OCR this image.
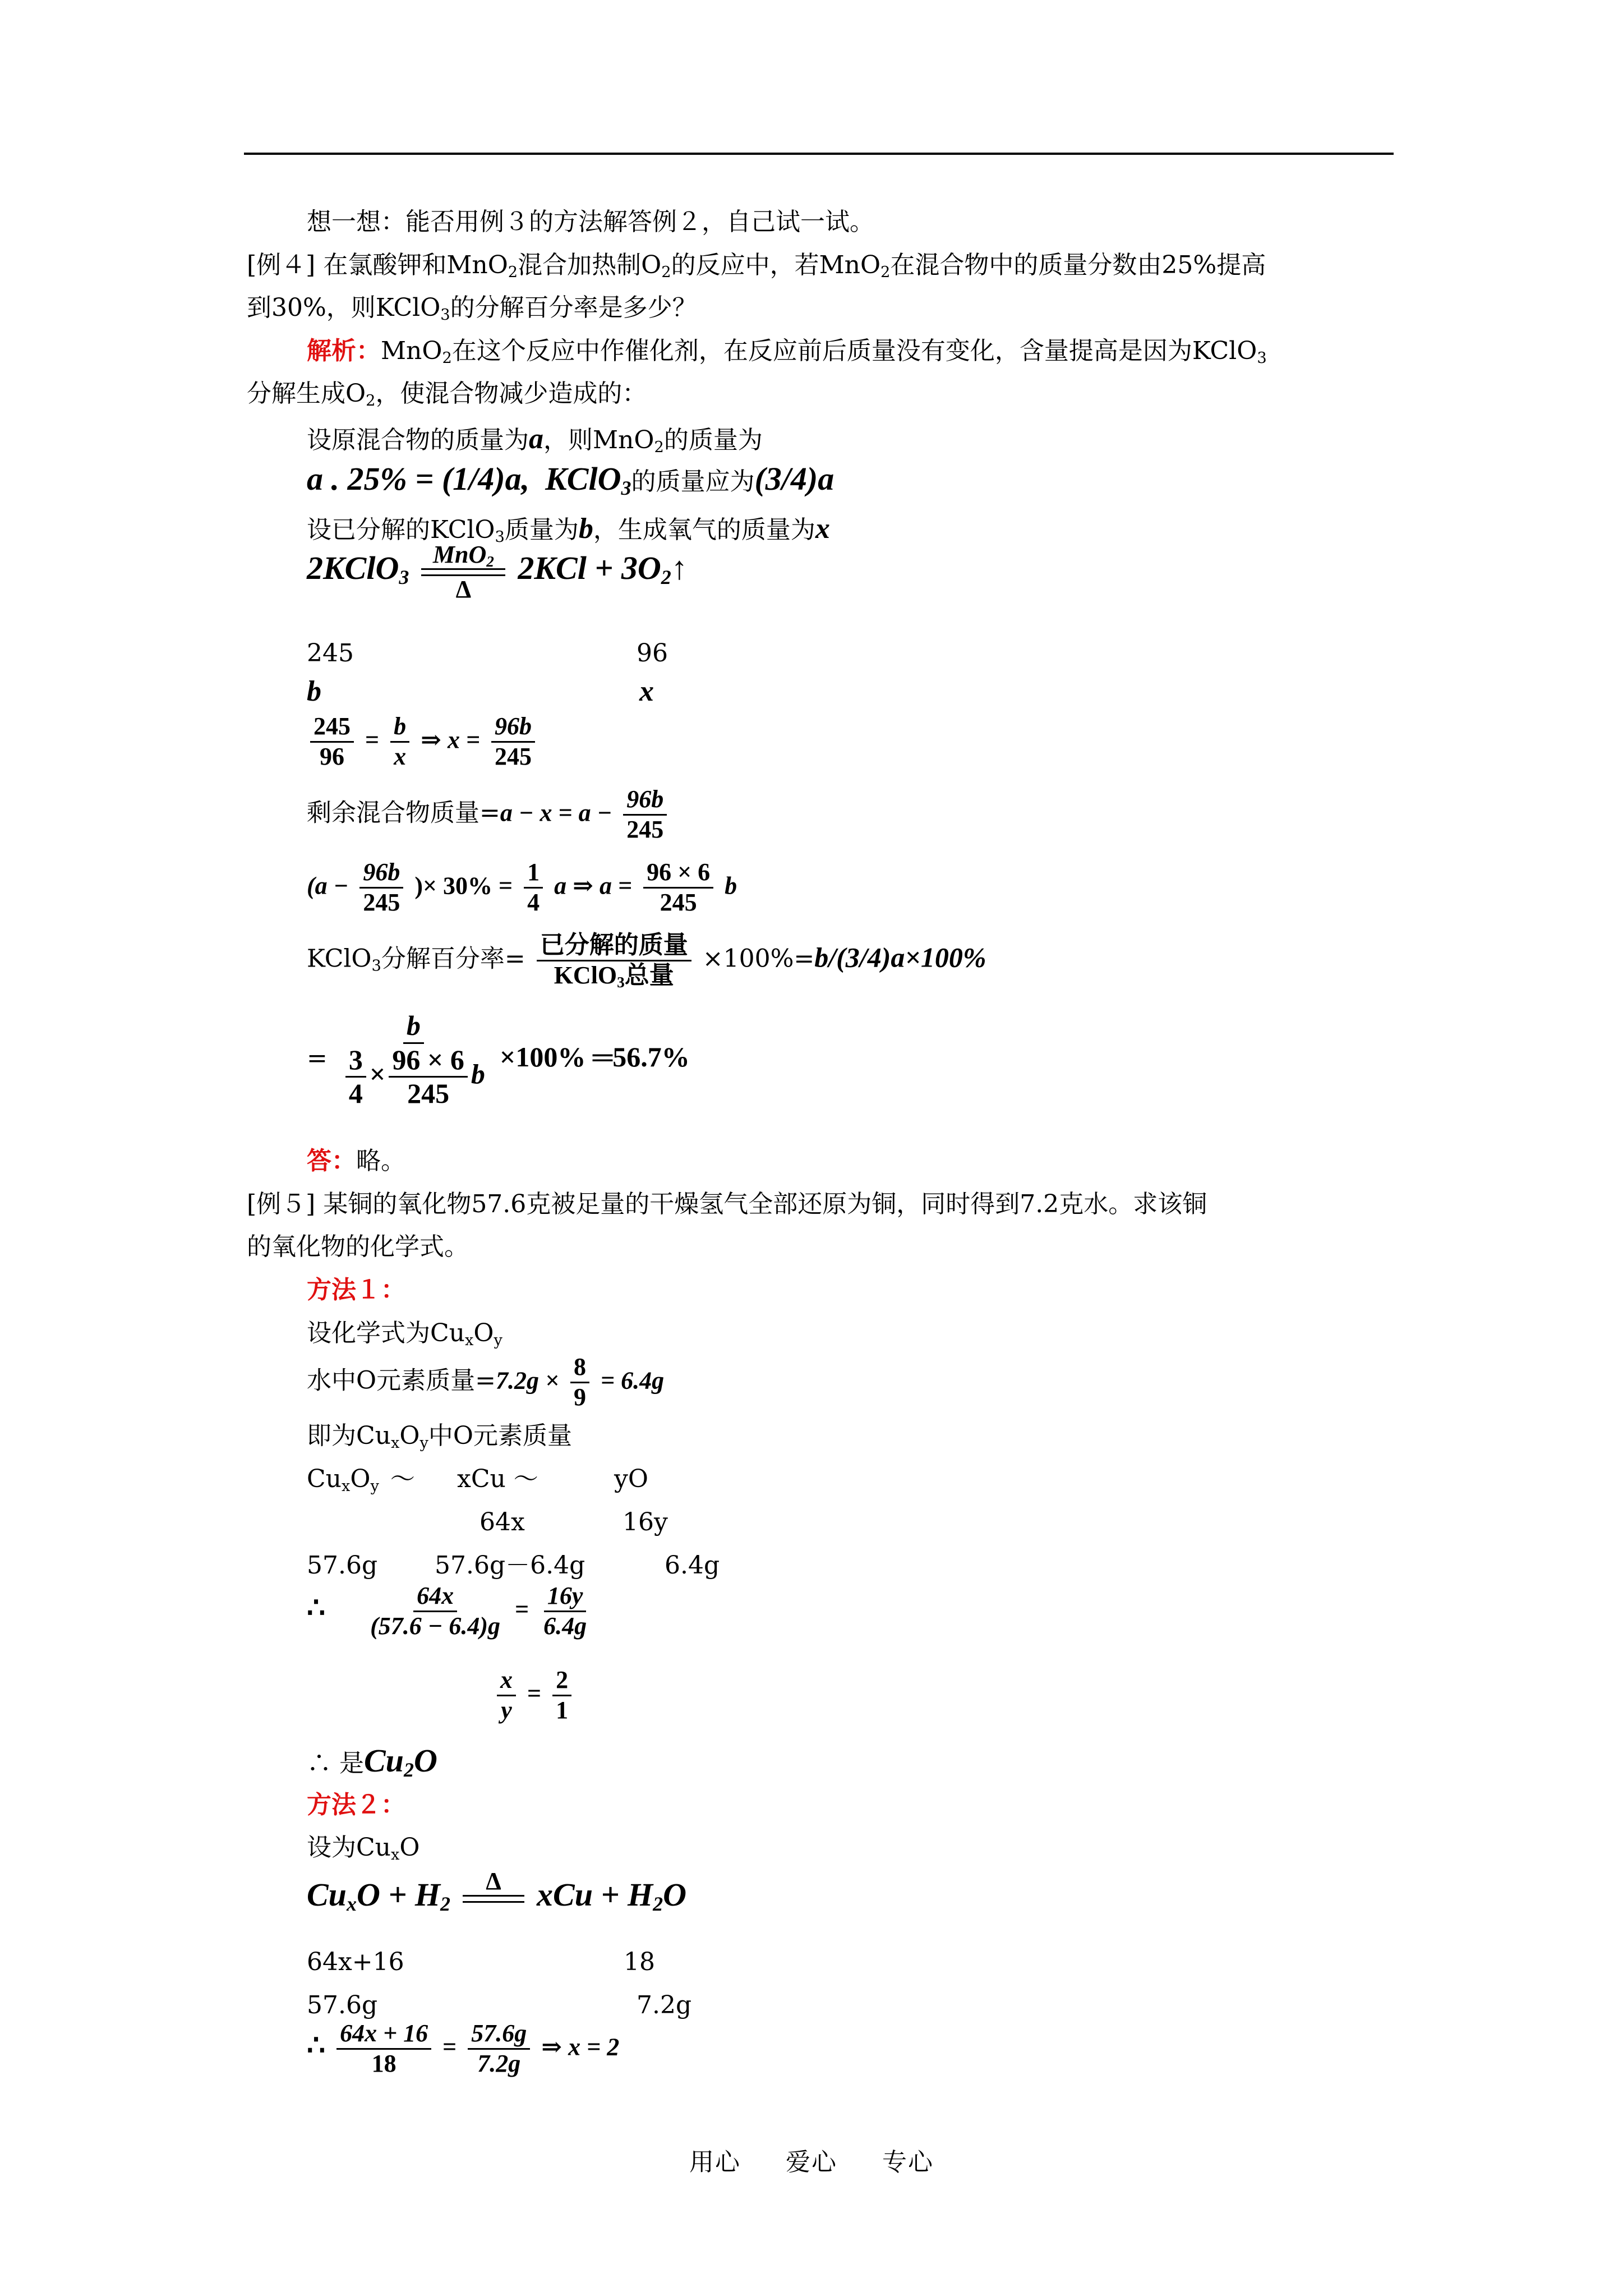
想一想：能否用例３的方法解答例２，自己试一试。
[例４] 在氯酸钾和MnO$_2$混合加热制$O_2$的反应中，若MnO$_2$在混合物中的质量分数由25%提高
到30%，则KClO$_3$的分解百分率是多少？
解析：MnO$_2$在这个反应中作催化剂，在反应前后质量没有变化，含量提高是因为KClO$_3$
分解生成$O_2$，使混合物减少造成的：
设原混合物的质量为a，则MnO$_2$的质量为
a . 25% = (1/4)a, KClO$_3$的质量应为(3/4)a
设已分解的KClO$_3$质量为b，生成氧气的质量为x
2KClO$_3$
MnO$_2$
Δ
$2KCl + 3O_2↑$
245	96
b	x
$\frac{245}{96} = \frac{b}{x}$ ⇒ $x = \frac{96b}{245}$
剩余混合物质量$=a - x = a - \frac{96b}{245}$
($a - \frac{96b}{245}$ )× $30\% = \frac{1}{4}$ a ⇒ $a = \frac{96 \times 6}{245}$ b
KClO$_3$分解百分率= $\frac{\text{已分解的质量}}{KClO_3总量} \times 100\%=b/(3/4)a\times 100\%$
= $\frac{b}{\frac{3}{4} \times \frac{96 \times 6}{245} b} \times 100\%$ ═56.7%
答：略。
[例５] 某铜的氧化物57.6克被足量的干燥氢气全部还原为铜，同时得到7.2克水。求该铜
的氧化物的化学式。
方法１：
设化学式为$Cu_xO_y$
水中O元素质量$=7.2g \times \frac{8}{9} = 6.4g$
即为$Cu_xO_y$中O元素质量
$Cu_xO_y$ ～ xCu ～	yO
64x	16y
57.6g 57.6g－6.4g	6.4g
∴ $\frac{64x}{(57.6 - 6.4)g} = \frac{16y}{6.4g}$
$\frac{x}{y} = \frac{2}{1}$
∴ 是$Cu_2O$
方法２：
设为$Cu_xO$
$Cu_xO + H_2$
Δ
xCu + $H_2O$
64x+16	18
57.6g	7.2g
∴ $\frac{64x + 16}{18} = \frac{57.6g}{7.2g}$ ⇒ x = 2
用心 爱心 专心
